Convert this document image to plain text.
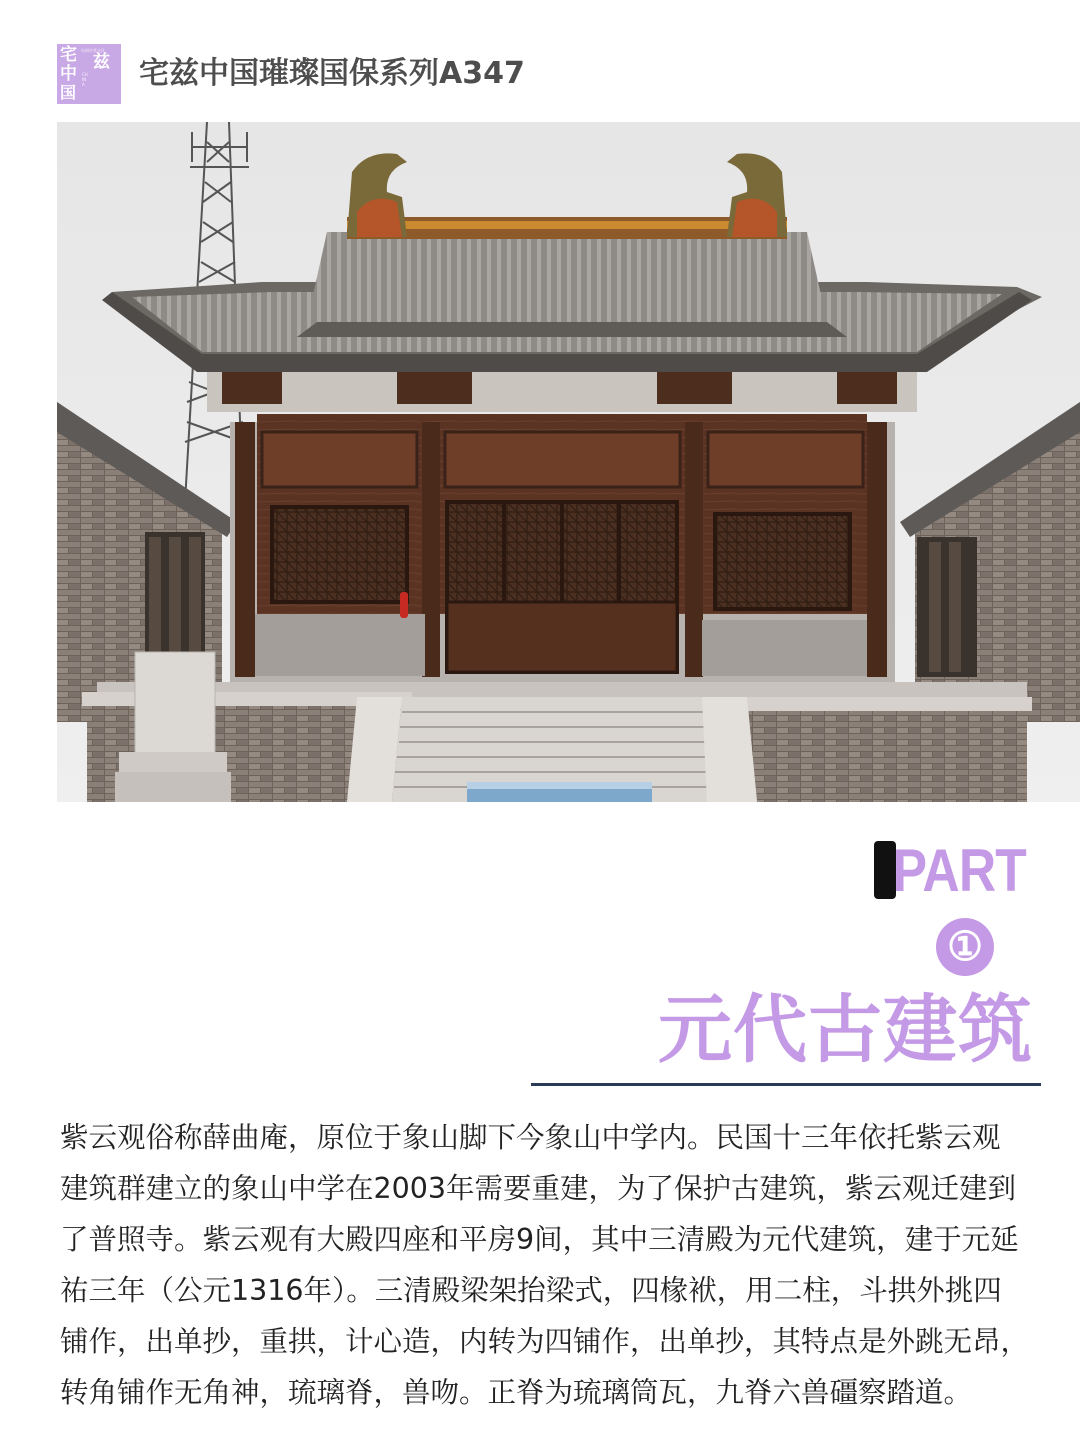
宅 坊间中华文化
兹
中 CHINA
国
宅兹中国璀璨国保系列A347
PART
①
元代古建筑
紫云观俗称薛曲庵，原位于象山脚下今象山中学内。民国十三年依托紫云观
建筑群建立的象山中学在2003年需要重建，为了保护古建筑，紫云观迁建到
了普照寺。紫云观有大殿四座和平房9间，其中三清殿为元代建筑，建于元延
祐三年（公元1316年）。三清殿梁架抬梁式，四椽袱，用二柱，斗拱外挑四
铺作，出单抄，重拱，计心造，内转为四铺作，出单抄，其特点是外跳无昂，
转角铺作无角神，琉璃脊，兽吻。正脊为琉璃筒瓦，九脊六兽礓察踏道。
